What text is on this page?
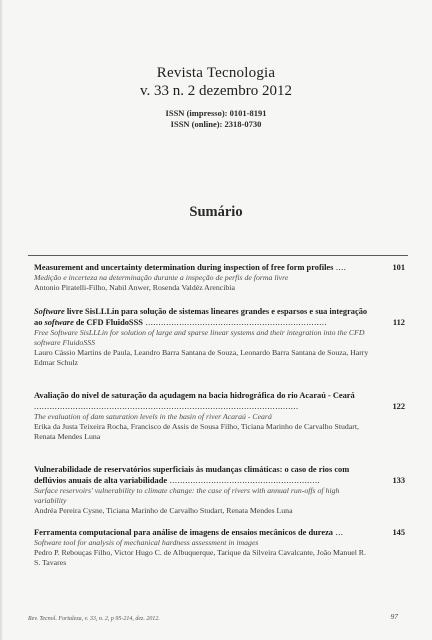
Revista Tecnologia
v. 33 n. 2 dezembro 2012
ISSN (impresso): 0101-8191
ISSN (online): 2318-0730
Sumário
101
Measurement and uncertainty determination during inspection of free form profiles ....
Medição e incerteza na determinação durante a inspeção de perfis de forma livre
Antonio Piratelli-Filho, Nabil Anwer, Rosenda Valdéz Arencibia
112
Software livre SisLLLin para solução de sistemas lineares grandes e esparsos e sua integração ao software de CFD FluidoSSS ......................................................................
Free Software SisLLLin for solution of large and sparse linear systems and their integration into the CFD software FluidoSSS
Lauro Cássio Martins de Paula, Leandro Barra Santana de Souza, Leonardo Barra Santana de Souza, Harry Edmar Schulz
122
Avaliação do nível de saturação da açudagem na bacia hidrográfica do rio Acaraú - Ceará ......................................................................................................
The evaluation of dam saturation levels in the basin of river Acaraú - Ceará
Erika da Justa Teixeira Rocha, Francisco de Assis de Sousa Filho, Ticiana Marinho de Carvalho Studart, Renata Mendes Luna
133
Vulnerabilidade de reservatórios superficiais às mudanças climáticas: o caso de rios com deflúvios anuais de alta variabilidade ..........................................................
Surface reservoirs' vulnerability to climate change: the case of rivers with annual run-offs of high variability
Andréa Pereira Cysne, Ticiana Marinho de Carvalho Studart, Renata Mendes Luna
145
Ferramenta computacional para análise de imagens de ensaios mecânicos de dureza ...
Software tool for analysis of mechanical hardness assessment in images
Pedro P. Rebouças Filho, Victor Hugo C. de Albuquerque, Tarique da Silveira Cavalcante, João Manuel R. S. Tavares
Rev. Tecnol. Fortaleza, v. 33, n. 2, p 95-214, dez. 2012.	97
